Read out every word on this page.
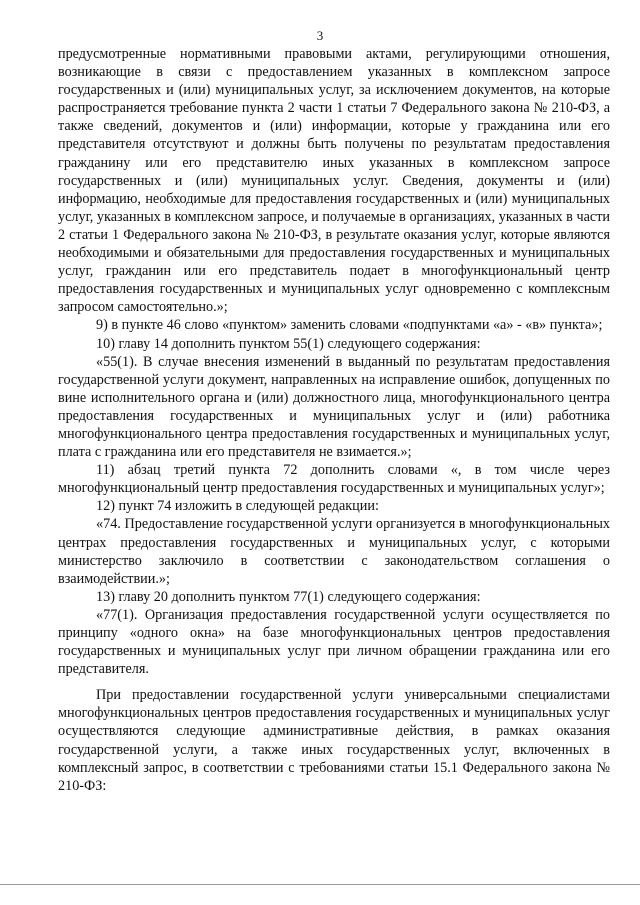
3

предусмотренные нормативными правовыми актами, регулирующими отношения, возникающие в связи с предоставлением указанных в комплексном запросе государственных и (или) муниципальных услуг, за исключением документов, на которые распространяется требование пункта 2 части 1 статьи 7 Федерального закона № 210-ФЗ, а также сведений, документов и (или) информации, которые у гражданина или его представителя отсутствуют и должны быть получены по результатам предоставления гражданину или его представителю иных указанных в комплексном запросе государственных и (или) муниципальных услуг. Сведения, документы и (или) информацию, необходимые для предоставления государственных и (или) муниципальных услуг, указанных в комплексном запросе, и получаемые в организациях, указанных в части 2 статьи 1 Федерального закона № 210-ФЗ, в результате оказания услуг, которые являются необходимыми и обязательными для предоставления государственных и муниципальных услуг, гражданин или его представитель подает в многофункциональный центр предоставления государственных и муниципальных услуг одновременно с комплексным запросом самостоятельно.»;

9) в пункте 46 слово «пунктом» заменить словами «подпунктами «а» - «в» пункта»;

10) главу 14 дополнить пунктом 55(1) следующего содержания:

«55(1). В случае внесения изменений в выданный по результатам предоставления государственной услуги документ, направленных на исправление ошибок, допущенных по вине исполнительного органа и (или) должностного лица, многофункционального центра предоставления государственных и муниципальных услуг и (или) работника многофункционального центра предоставления государственных и муниципальных услуг, плата с гражданина или его представителя не взимается.»;

11) абзац третий пункта 72 дополнить словами «, в том числе через многофункциональный центр предоставления государственных и муниципальных услуг»;

12) пункт 74 изложить в следующей редакции:

«74. Предоставление государственной услуги организуется в многофункциональных центрах предоставления государственных и муниципальных услуг, с которыми министерство заключило в соответствии с законодательством соглашения о взаимодействии.»;

13) главу 20 дополнить пунктом 77(1) следующего содержания:

«77(1). Организация предоставления государственной услуги осуществляется по принципу «одного окна» на базе многофункциональных центров предоставления государственных и муниципальных услуг при личном обращении гражданина или его представителя.

При предоставлении государственной услуги универсальными специалистами многофункциональных центров предоставления государственных и муниципальных услуг осуществляются следующие административные действия, в рамках оказания государственной услуги, а также иных государственных услуг, включенных в комплексный запрос, в соответствии с требованиями статьи 15.1 Федерального закона № 210-ФЗ:
